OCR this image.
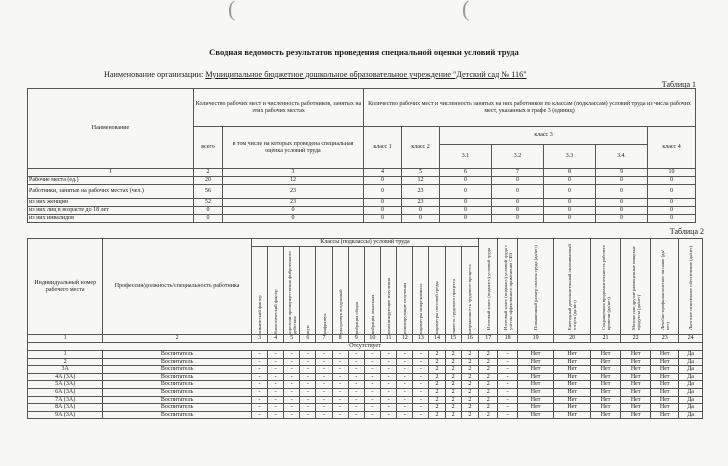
(	(
Сводная ведомость результатов проведения специальной оценки условий труда
Наименование организации: Муниципальное бюджетное дошкольное образовательное учреждение "Детский сад № 116"
Таблица 1
Наименование	Количество рабочих мест и численность работников, занятых на этих рабочих местах		Количество рабочих мест и численность занятых на них работников по классам (подклассам) условий труда из числа рабочих мест, указанных в графе 3 (единиц)						
	всего	в том числе на которых проведена специальная оценка условий труда	класс 1	класс 2	класс 3				класс 4
					3.1	3.2	3.3	3.4.	
1	2	3	4	5	6	7	8	9	10
Рабочие места (ед.)	20	12	0	12	0	0	0	0	0
Работники, занятые на рабочих местах (чел.)	56	23	0	23	0	0	0	0	0
из них женщин	52	23	0	23	0	0	0	0	0
из них лиц в возрасте до 18 лет	0	0	0	0	0	0	0	0	0
из них инвалидов	0	0	0	0	0	0	0	0	0
Таблица 2
Индивидуальный номер рабочего места	Профессия/должность/специальность работника	Классы (подклассы) условий труда														Итоговый класс (подкласс) условий труда	Итоговый класс (подкласс) условий труда с учетом эффективного применения СИЗ	Повышенный размер оплаты труда (да/нет)	Ежегодный дополнительный оплачиваемый отпуск (да/нет)	Сокращенная продолжительность рабочего времени (да/нет)	Молоко или другие равноценные пищевые продукты (да/нет)	Лечебно-профилактическое питание (да/нет)	Льготное пенсионное обеспечение (да/нет)

		химический фактор	биологический фактор	аэрозоли преимущественно фиброгенного действия	шум	инфразвук	ультразвук воздушный	вибрация общая	вибрация локальная	неионизирующие излучения	ионизирующие излучения	параметры микроклимата	параметры световой среды	тяжесть трудового процесса	напряженность трудового процесса								

1	2	3	4	5	6	7	8	9	10	11	12	13	14	15	16	17	18	19	20	21	22	23	24
Отсутствует																							
1	Воспитатель	-	-	-	-	-	-	-	-	-	-	-	2	2	2	2	-	Нет	Нет	Нет	Нет	Нет	Да
2	Воспитатель	-	-	-	-	-	-	-	-	-	-	-	2	2	2	2	-	Нет	Нет	Нет	Нет	Нет	Да
3А	Воспитатель	-	-	-	-	-	-	-	-	-	-	-	2	2	2	2	-	Нет	Нет	Нет	Нет	Нет	Да
4А (3А)	Воспитатель	-	-	-	-	-	-	-	-	-	-	-	2	2	2	2	-	Нет	Нет	Нет	Нет	Нет	Да
5А (3А)	Воспитатель	-	-	-	-	-	-	-	-	-	-	-	2	2	2	2	-	Нет	Нет	Нет	Нет	Нет	Да
6А (3А)	Воспитатель	-	-	-	-	-	-	-	-	-	-	-	2	2	2	2	-	Нет	Нет	Нет	Нет	Нет	Да
7А (3А)	Воспитатель	-	-	-	-	-	-	-	-	-	-	-	2	2	2	2	-	Нет	Нет	Нет	Нет	Нет	Да
8А (3А)	Воспитатель	-	-	-	-	-	-	-	-	-	-	-	2	2	2	2	-	Нет	Нет	Нет	Нет	Нет	Да
9А (3А)	Воспитатель	-	-	-	-	-	-	-	-	-	-	-	2	2	2	2	-	Нет	Нет	Нет	Нет	Нет	Да
